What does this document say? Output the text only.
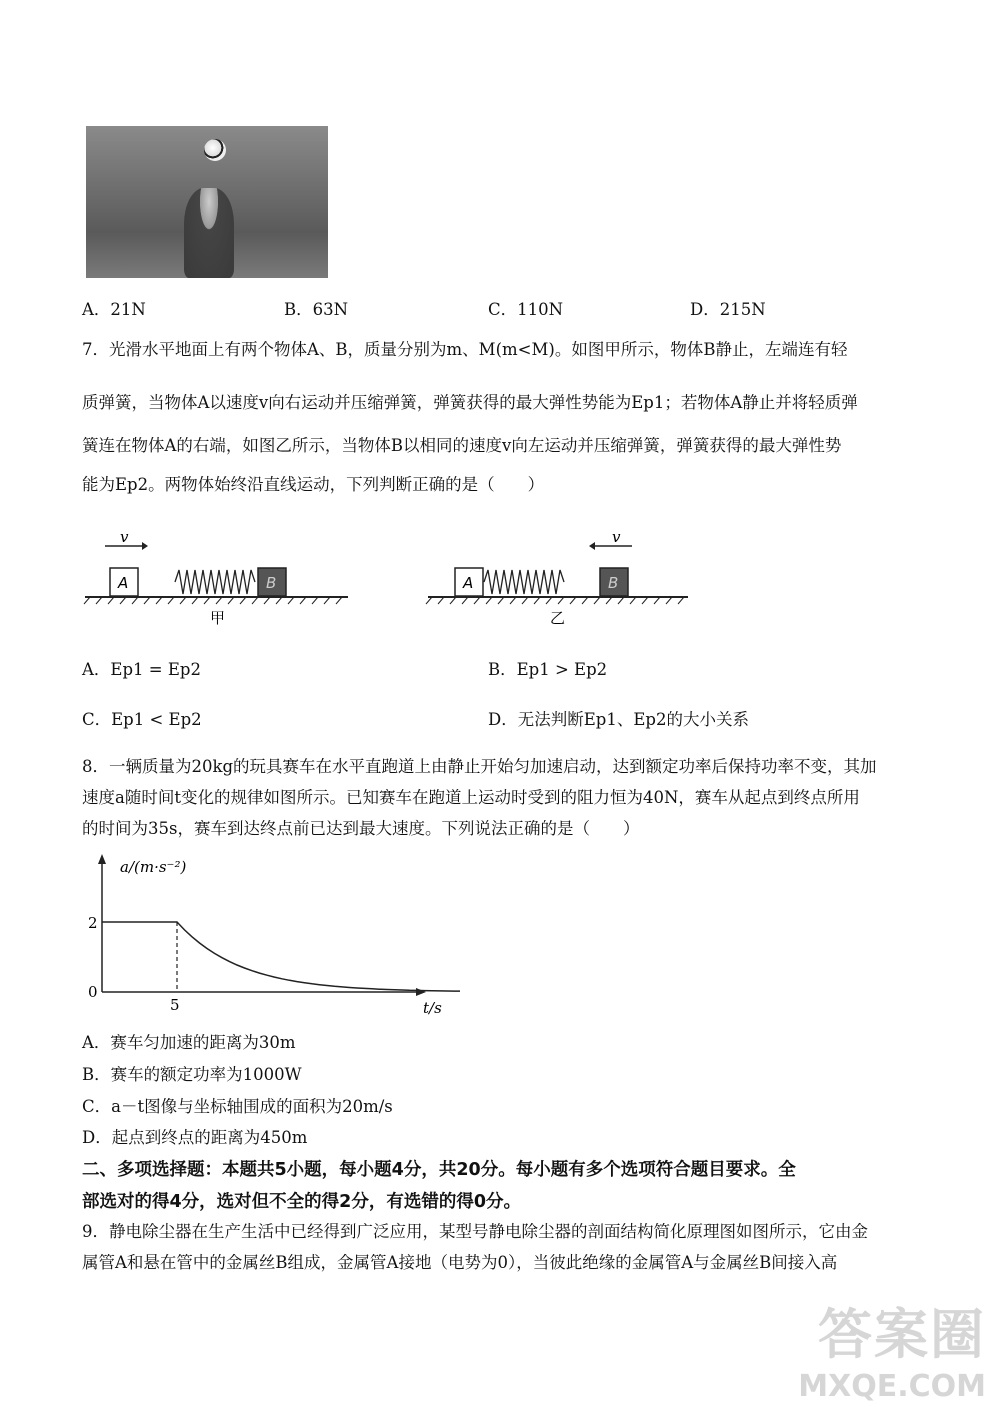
A．21N	B．63N	C．110N	D．215N
7．光滑水平地面上有两个物体A、B，质量分别为m、M(m<M)。如图甲所示，物体B静止，左端连有轻
质弹簧，当物体A以速度v向右运动并压缩弹簧，弹簧获得的最大弹性势能为Ep1；若物体A静止并将轻质弹
簧连在物体A的右端，如图乙所示，当物体B以相同的速度v向左运动并压缩弹簧，弹簧获得的最大弹性势
能为Ep2。两物体始终沿直线运动，下列判断正确的是（　　）
v
A	B
甲
v
A	B
乙
A．Ep1 = Ep2	B．Ep1 > Ep2
C．Ep1 < Ep2	D．无法判断Ep1、Ep2的大小关系
8．一辆质量为20kg的玩具赛车在水平直跑道上由静止开始匀加速启动，达到额定功率后保持功率不变，其加
速度a随时间t变化的规律如图所示。已知赛车在跑道上运动时受到的阻力恒为40N，赛车从起点到终点所用
的时间为35s，赛车到达终点前已达到最大速度。下列说法正确的是（　　）
a/(m·s⁻²)
t/s
2
0
5
A．赛车匀加速的距离为30m
B．赛车的额定功率为1000W
C．a－t图像与坐标轴围成的面积为20m/s
D．起点到终点的距离为450m
二、多项选择题：本题共5小题，每小题4分，共20分。每小题有多个选项符合题目要求。全
部选对的得4分，选对但不全的得2分，有选错的得0分。
9．静电除尘器在生产生活中已经得到广泛应用，某型号静电除尘器的剖面结构简化原理图如图所示，它由金
属管A和悬在管中的金属丝B组成，金属管A接地（电势为0），当彼此绝缘的金属管A与金属丝B间接入高
答案圈
MXQE.COM
